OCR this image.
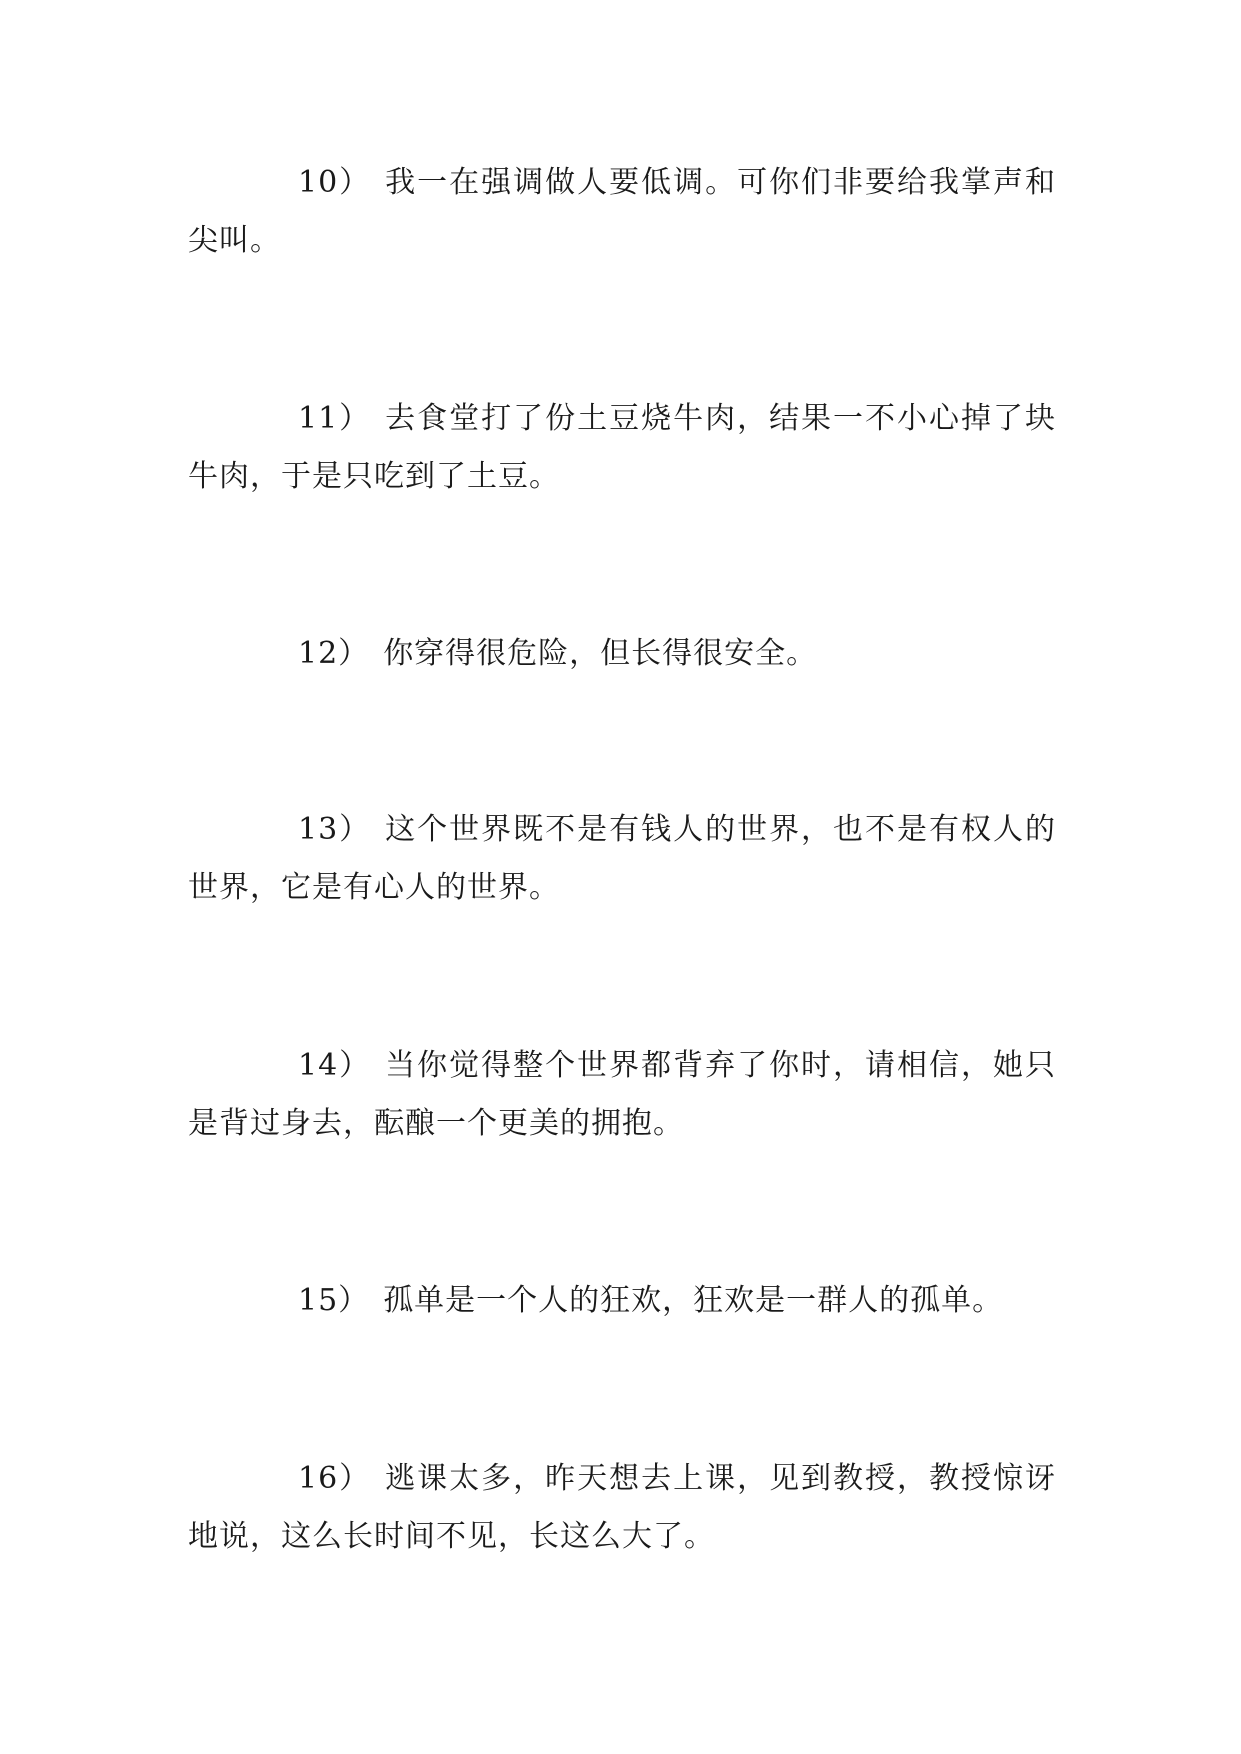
10） 我一在强调做人要低调。可你们非要给我掌声和尖叫。

11） 去食堂打了份土豆烧牛肉，结果一不小心掉了块牛肉，于是只吃到了土豆。

12） 你穿得很危险，但长得很安全。

13） 这个世界既不是有钱人的世界，也不是有权人的世界，它是有心人的世界。

14） 当你觉得整个世界都背弃了你时，请相信，她只是背过身去，酝酿一个更美的拥抱。

15） 孤单是一个人的狂欢，狂欢是一群人的孤单。

16） 逃课太多，昨天想去上课，见到教授，教授惊讶地说，这么长时间不见，长这么大了。
